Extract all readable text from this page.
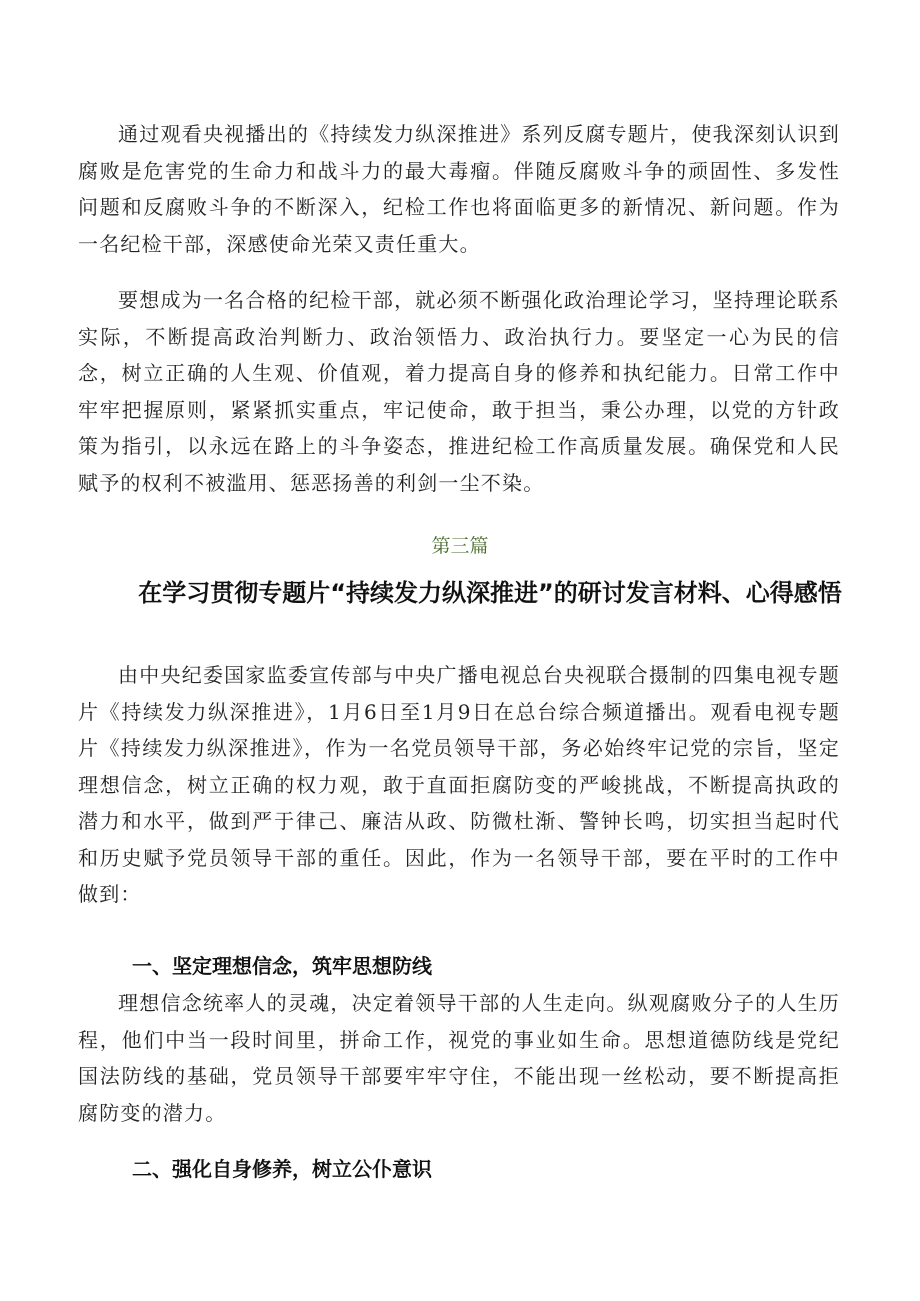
通过观看央视播出的《持续发力纵深推进》系列反腐专题片，使我深刻认识到腐败是危害党的生命力和战斗力的最大毒瘤。伴随反腐败斗争的顽固性、多发性问题和反腐败斗争的不断深入，纪检工作也将面临更多的新情况、新问题。作为一名纪检干部，深感使命光荣又责任重大。

要想成为一名合格的纪检干部，就必须不断强化政治理论学习，坚持理论联系实际，不断提高政治判断力、政治领悟力、政治执行力。要坚定一心为民的信念，树立正确的人生观、价值观，着力提高自身的修养和执纪能力。日常工作中牢牢把握原则，紧紧抓实重点，牢记使命，敢于担当，秉公办理，以党的方针政策为指引，以永远在路上的斗争姿态，推进纪检工作高质量发展。确保党和人民赋予的权利不被滥用、惩恶扬善的利剑一尘不染。

第三篇
在学习贯彻专题片“持续发力纵深推进”的研讨发言材料、心得感悟

由中央纪委国家监委宣传部与中央广播电视总台央视联合摄制的四集电视专题片《持续发力纵深推进》，1月6日至1月9日在总台综合频道播出。观看电视专题片《持续发力纵深推进》，作为一名党员领导干部，务必始终牢记党的宗旨，坚定理想信念，树立正确的权力观，敢于直面拒腐防变的严峻挑战，不断提高执政的潜力和水平，做到严于律己、廉洁从政、防微杜渐、警钟长鸣，切实担当起时代和历史赋予党员领导干部的重任。因此，作为一名领导干部，要在平时的工作中做到：

一、坚定理想信念，筑牢思想防线

理想信念统率人的灵魂，决定着领导干部的人生走向。纵观腐败分子的人生历程，他们中当一段时间里，拼命工作，视党的事业如生命。思想道德防线是党纪国法防线的基础，党员领导干部要牢牢守住，不能出现一丝松动，要不断提高拒腐防变的潜力。

二、强化自身修养，树立公仆意识
